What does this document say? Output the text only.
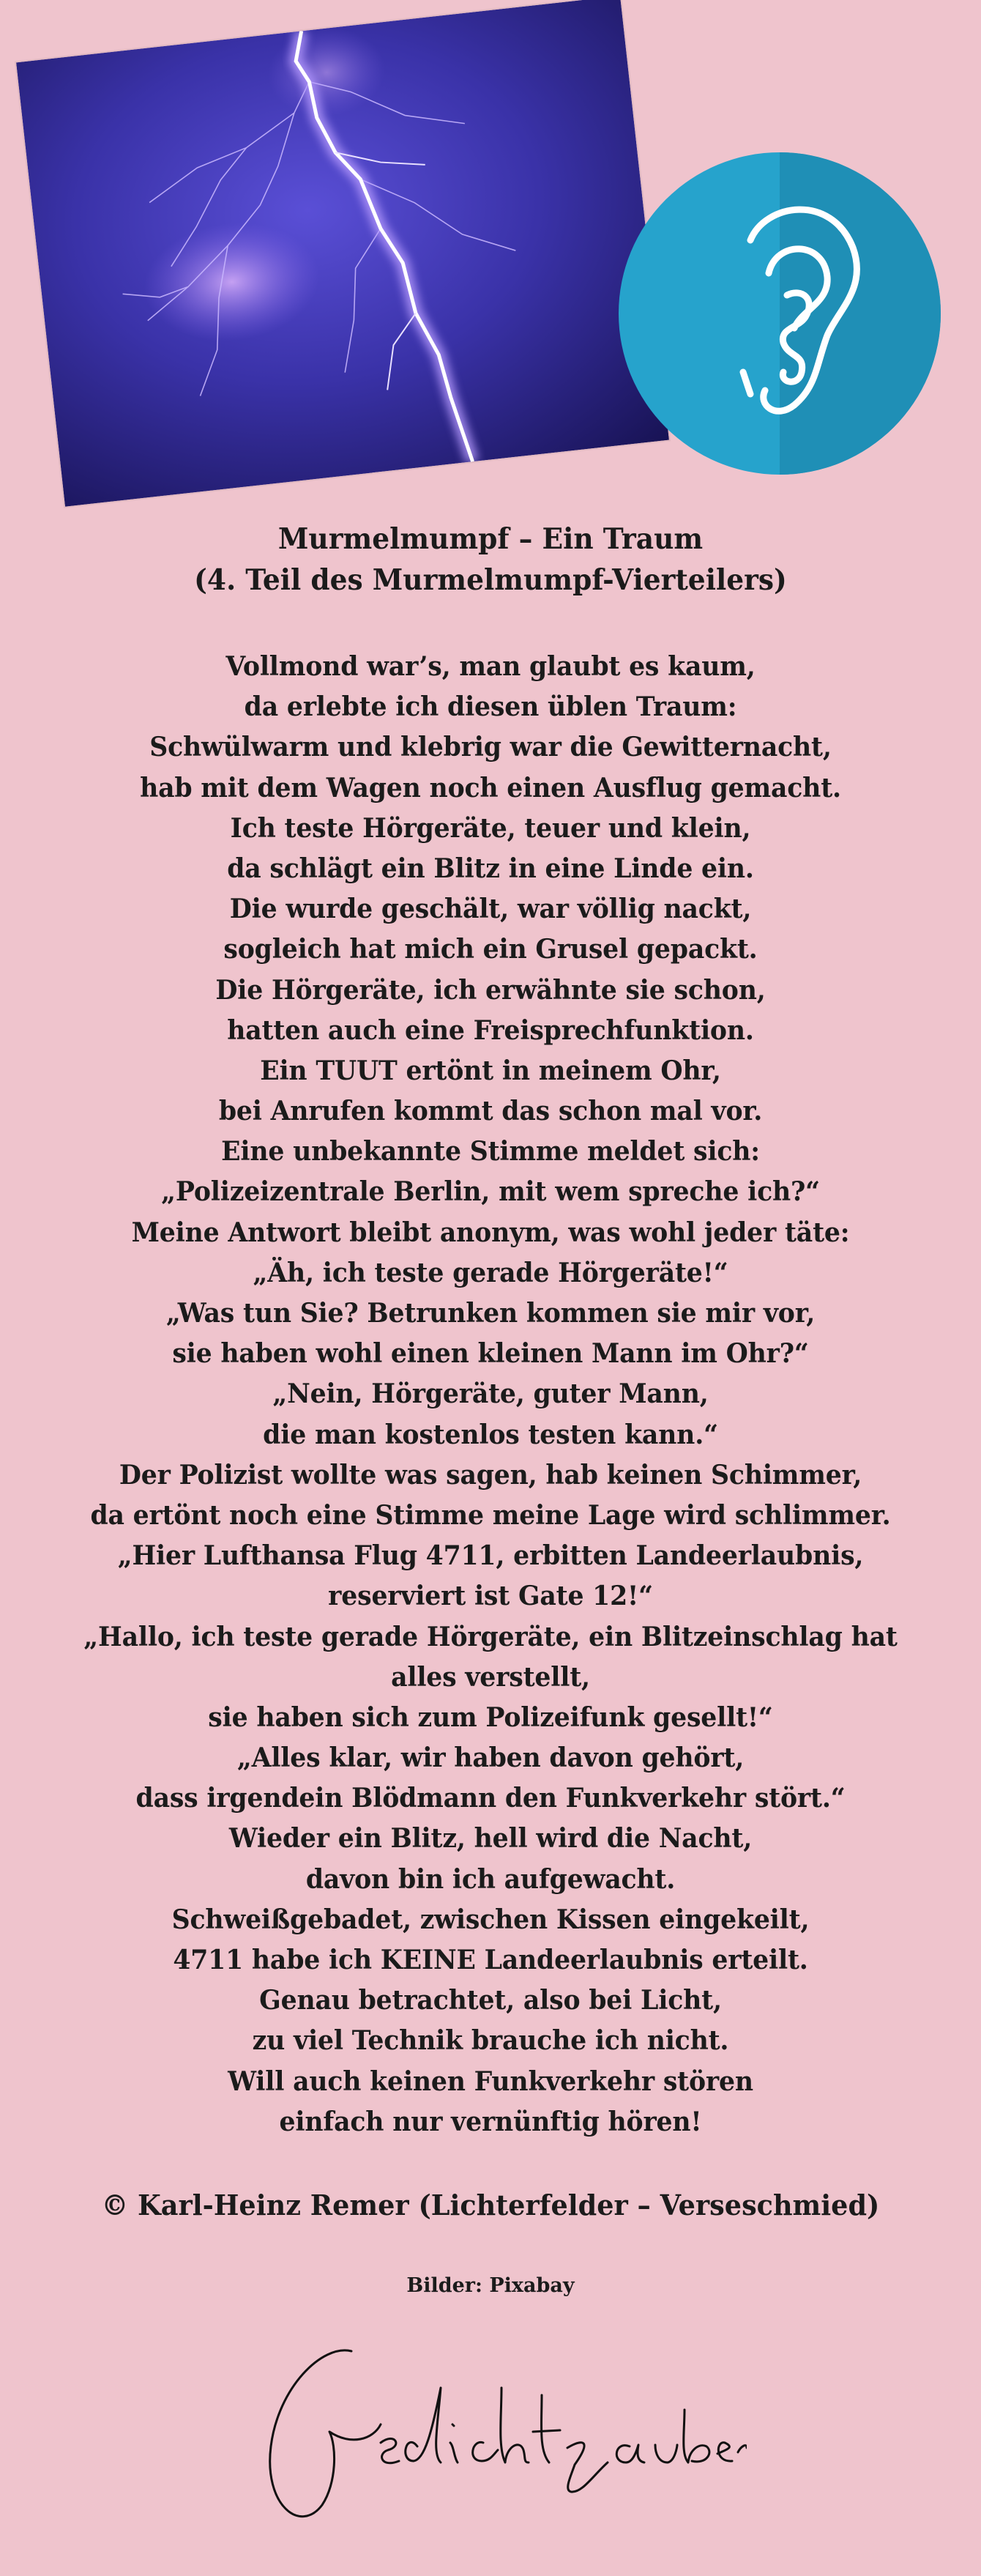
Murmelmumpf – Ein Traum
(4. Teil des Murmelmumpf-Vierteilers)
Vollmond war’s, man glaubt es kaum,
da erlebte ich diesen üblen Traum:
Schwülwarm und klebrig war die Gewitternacht,
hab mit dem Wagen noch einen Ausflug gemacht.
Ich teste Hörgeräte, teuer und klein,
da schlägt ein Blitz in eine Linde ein.
Die wurde geschält, war völlig nackt,
sogleich hat mich ein Grusel gepackt.
Die Hörgeräte, ich erwähnte sie schon,
hatten auch eine Freisprechfunktion.
Ein TUUT ertönt in meinem Ohr,
bei Anrufen kommt das schon mal vor.
Eine unbekannte Stimme meldet sich:
„Polizeizentrale Berlin, mit wem spreche ich?“
Meine Antwort bleibt anonym, was wohl jeder täte:
„Äh, ich teste gerade Hörgeräte!“
„Was tun Sie? Betrunken kommen sie mir vor,
sie haben wohl einen kleinen Mann im Ohr?“
„Nein, Hörgeräte, guter Mann,
die man kostenlos testen kann.“
Der Polizist wollte was sagen, hab keinen Schimmer,
da ertönt noch eine Stimme meine Lage wird schlimmer.
„Hier Lufthansa Flug 4711, erbitten Landeerlaubnis,
reserviert ist Gate 12!“
„Hallo, ich teste gerade Hörgeräte, ein Blitzeinschlag hat
alles verstellt,
sie haben sich zum Polizeifunk gesellt!“
„Alles klar, wir haben davon gehört,
dass irgendein Blödmann den Funkverkehr stört.“
Wieder ein Blitz, hell wird die Nacht,
davon bin ich aufgewacht.
Schweißgebadet, zwischen Kissen eingekeilt,
4711 habe ich KEINE Landeerlaubnis erteilt.
Genau betrachtet, also bei Licht,
zu viel Technik brauche ich nicht.
Will auch keinen Funkverkehr stören
einfach nur vernünftig hören!
© Karl-Heinz Remer (Lichterfelder – Verseschmied)
Bilder: Pixabay
